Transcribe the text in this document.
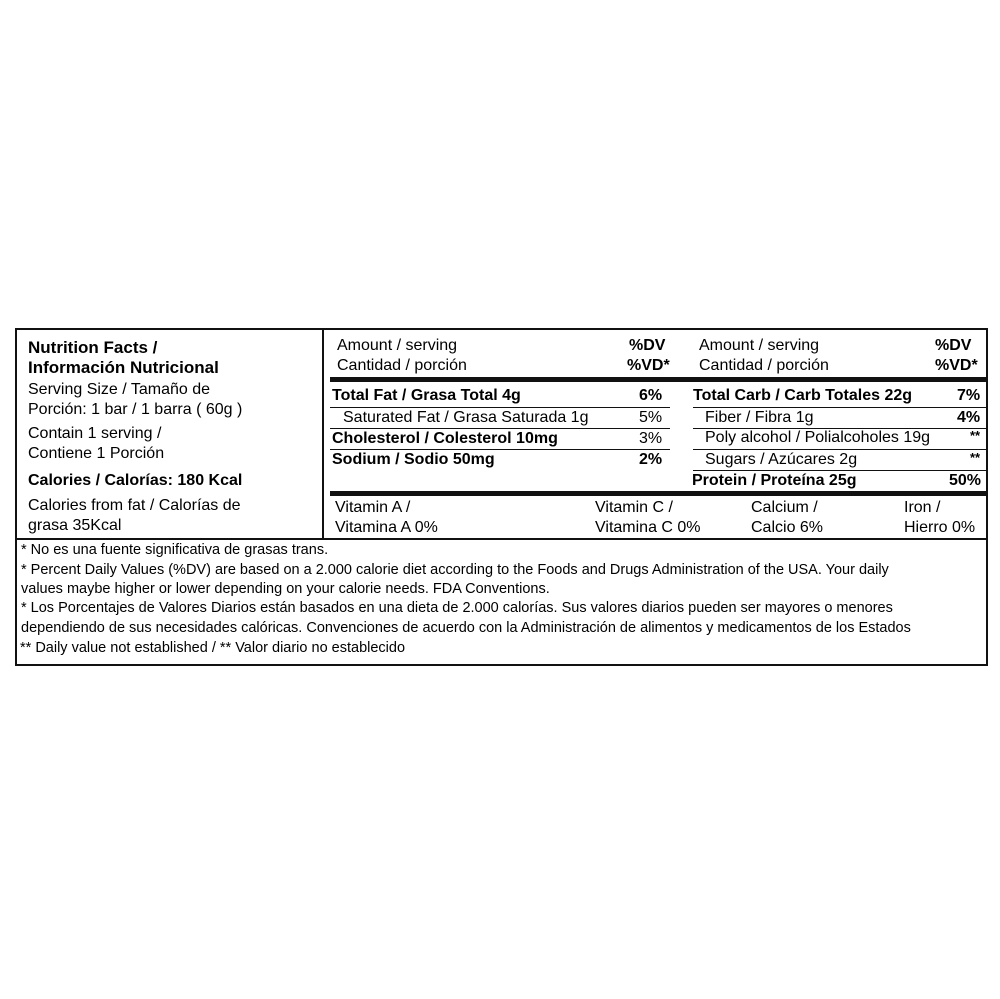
Nutrition Facts /
Información Nutricional
Serving Size / Tamaño de
Porción: 1 bar / 1 barra ( 60g )
Contain 1 serving /
Contiene 1 Porción
Calories / Calorías: 180 Kcal
Calories from fat / Calorías de
grasa 35Kcal
Amount / serving
Cantidad / porción
%DV
%VD*
Amount / serving
Cantidad / porción
%DV
%VD*
Total Fat / Grasa Total 4g	6%
Saturated Fat / Grasa Saturada 1g	5%
Cholesterol / Colesterol 10mg	3%
Sodium / Sodio 50mg	2%
Total Carb / Carb Totales 22g	7%
Fiber / Fibra 1g	4%
Poly alcohol / Polialcoholes 19g	**
Sugars / Azúcares 2g	**
Protein / Proteína 25g	50%
Vitamin A /
Vitamina A 0%
Vitamin C /
Vitamina C 0%
Calcium /
Calcio 6%
Iron /
Hierro 0%
* No es una fuente significativa de grasas trans.
* Percent Daily Values (%DV) are based on a 2.000 calorie diet according to the Foods and Drugs Administration of the USA. Your daily
values maybe higher or lower depending on your calorie needs. FDA Conventions.
* Los Porcentajes de Valores Diarios están basados en una dieta de 2.000 calorías. Sus valores diarios pueden ser mayores o menores
dependiendo de sus necesidades calóricas. Convenciones de acuerdo con la Administración de alimentos y medicamentos de los Estados
** Daily value not established / ** Valor diario no establecido
